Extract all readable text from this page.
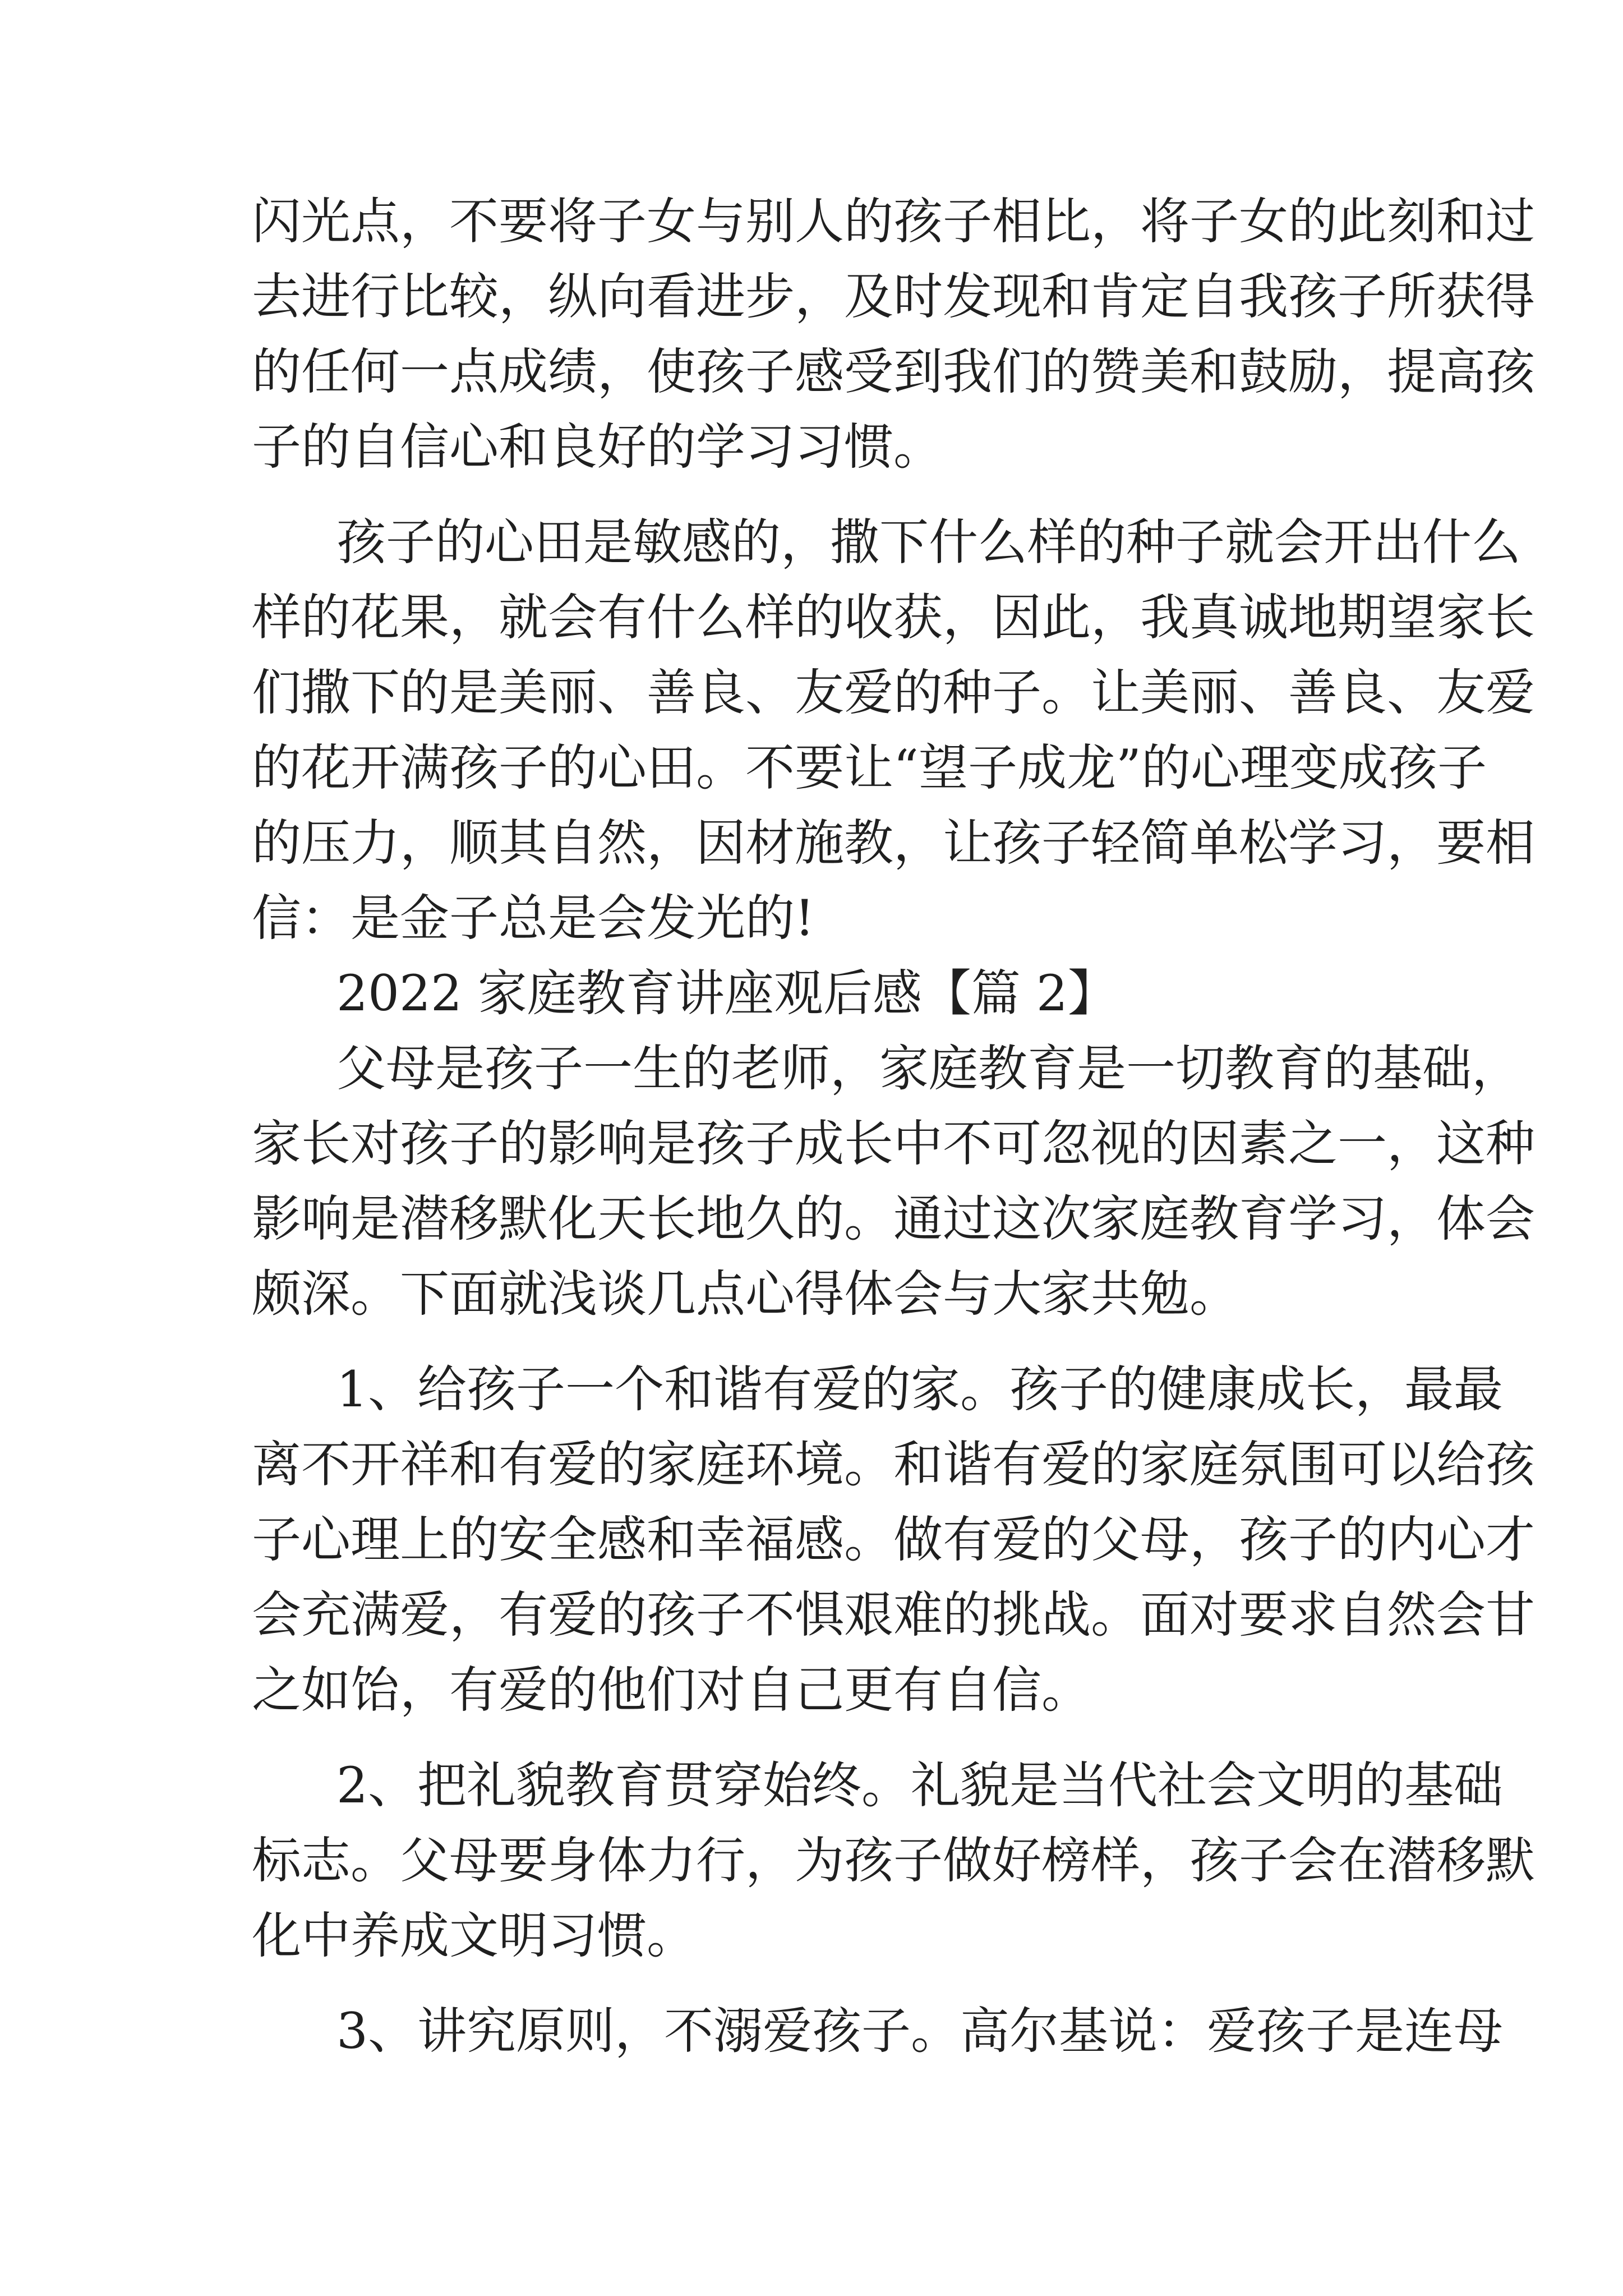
闪光点，不要将子女与别人的孩子相比，将子女的此刻和过
去进行比较，纵向看进步，及时发现和肯定自我孩子所获得
的任何一点成绩，使孩子感受到我们的赞美和鼓励，提高孩
子的自信心和良好的学习习惯。
孩子的心田是敏感的，撒下什么样的种子就会开出什么
样的花果，就会有什么样的收获，因此，我真诚地期望家长
们撒下的是美丽、善良、友爱的种子。让美丽、善良、友爱
的花开满孩子的心田。不要让“望子成龙”的心理变成孩子
的压力，顺其自然，因材施教，让孩子轻简单松学习，要相
信：是金子总是会发光的!
2022 家庭教育讲座观后感【篇 2】
父母是孩子一生的老师，家庭教育是一切教育的基础，
家长对孩子的影响是孩子成长中不可忽视的因素之一，这种
影响是潜移默化天长地久的。通过这次家庭教育学习，体会
颇深。下面就浅谈几点心得体会与大家共勉。
1、给孩子一个和谐有爱的家。孩子的健康成长，最最
离不开祥和有爱的家庭环境。和谐有爱的家庭氛围可以给孩
子心理上的安全感和幸福感。做有爱的父母，孩子的内心才
会充满爱，有爱的孩子不惧艰难的挑战。面对要求自然会甘
之如饴，有爱的他们对自己更有自信。
2、把礼貌教育贯穿始终。礼貌是当代社会文明的基础
标志。父母要身体力行，为孩子做好榜样，孩子会在潜移默
化中养成文明习惯。
3、讲究原则，不溺爱孩子。高尔基说：爱孩子是连母
